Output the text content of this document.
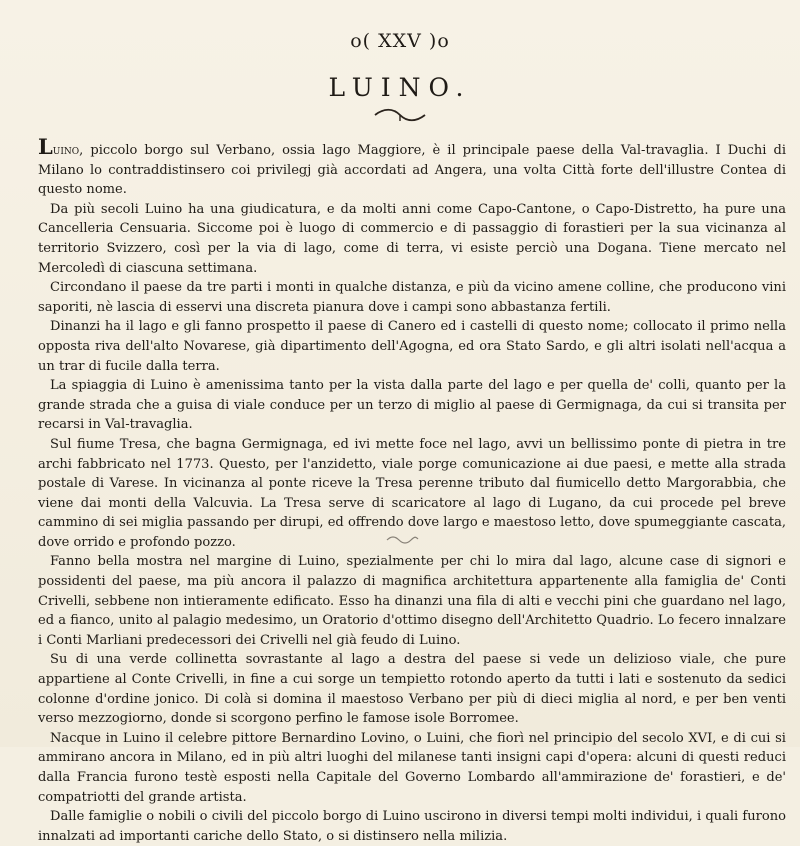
o( XXV )o
LUINO.

Luino, piccolo borgo sul Verbano, ossia lago Maggiore, è il principale paese della Val-travaglia. I Duchi di Milano lo contraddistinsero coi privilegj già accordati ad Angera, una volta Città forte dell'illustre Contea di questo nome.

Da più secoli Luino ha una giudicatura, e da molti anni come Capo-Cantone, o Capo-Distretto, ha pure una Cancelleria Censuaria. Siccome poi è luogo di commercio e di passaggio di forastieri per la sua vicinanza al territorio Svizzero, così per la via di lago, come di terra, vi esiste perciò una Dogana. Tiene mercato nel Mercoledì di ciascuna settimana.

Circondano il paese da tre parti i monti in qualche distanza, e più da vicino amene colline, che producono vini saporiti, nè lascia di esservi una discreta pianura dove i campi sono abbastanza fertili.

Dinanzi ha il lago e gli fanno prospetto il paese di Canero ed i castelli di questo nome; collocato il primo nella opposta riva dell'alto Novarese, già dipartimento dell'Agogna, ed ora Stato Sardo, e gli altri isolati nell'acqua a un trar di fucile dalla terra.

La spiaggia di Luino è amenissima tanto per la vista dalla parte del lago e per quella de' colli, quanto per la grande strada che a guisa di viale conduce per un terzo di miglio al paese di Germignaga, da cui si transita per recarsi in Val-travaglia.

Sul fiume Tresa, che bagna Germignaga, ed ivi mette foce nel lago, avvi un bellissimo ponte di pietra in tre archi fabbricato nel 1773. Questo, per l'anzidetto, viale porge comunicazione ai due paesi, e mette alla strada postale di Varese. In vicinanza al ponte riceve la Tresa perenne tributo dal fiumicello detto Margorabbia, che viene dai monti della Valcuvia. La Tresa serve di scaricatore al lago di Lugano, da cui procede pel breve cammino di sei miglia passando per dirupi, ed offrendo dove largo e maestoso letto, dove spumeggiante cascata, dove orrido e profondo pozzo.

Fanno bella mostra nel margine di Luino, spezialmente per chi lo mira dal lago, alcune case di signori e possidenti del paese, ma più ancora il palazzo di magnifica architettura appartenente alla famiglia de' Conti Crivelli, sebbene non intieramente edificato. Esso ha dinanzi una fila di alti e vecchi pini che guardano nel lago, ed a fianco, unito al palagio medesimo, un Oratorio d'ottimo disegno dell'Architetto Quadrio. Lo fecero innalzare i Conti Marliani predecessori dei Crivelli nel già feudo di Luino.

Su di una verde collinetta sovrastante al lago a destra del paese si vede un delizioso viale, che pure appartiene al Conte Crivelli, in fine a cui sorge un tempietto rotondo aperto da tutti i lati e sostenuto da sedici colonne d'ordine jonico. Di colà si domina il maestoso Verbano per più di dieci miglia al nord, e per ben venti verso mezzogiorno, donde si scorgono perfino le famose isole Borromee.

Nacque in Luino il celebre pittore Bernardino Lovino, o Luini, che fiorì nel principio del secolo XVI, e di cui si ammirano ancora in Milano, ed in più altri luoghi del milanese tanti insigni capi d'opera: alcuni di questi reduci dalla Francia furono testè esposti nella Capitale del Governo Lombardo all'ammirazione de' forastieri, e de' compatriotti del grande artista.

Dalle famiglie o nobili o civili del piccolo borgo di Luino uscirono in diversi tempi molti individui, i quali furono innalzati ad importanti cariche dello Stato, o si distinsero nella milizia.
